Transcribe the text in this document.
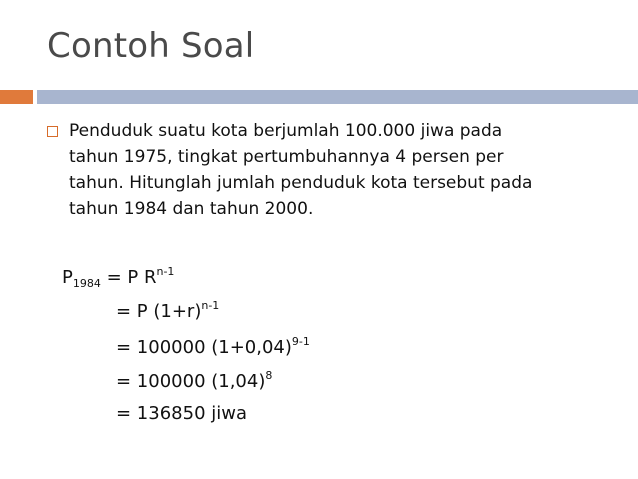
Contoh Soal
Penduduk suatu kota berjumlah 100.000 jiwa pada
tahun 1975, tingkat pertumbuhannya 4 persen per
tahun. Hitunglah jumlah penduduk kota tersebut pada
tahun 1984 dan tahun 2000.
$P_{1984} = P$ $R^{n-1}$
= P $(1+r)^{n-1}$
= 100000 $(1+0,04)^{9-1}$
= 100000 $(1,04)^8$
= 136850 jiwa
